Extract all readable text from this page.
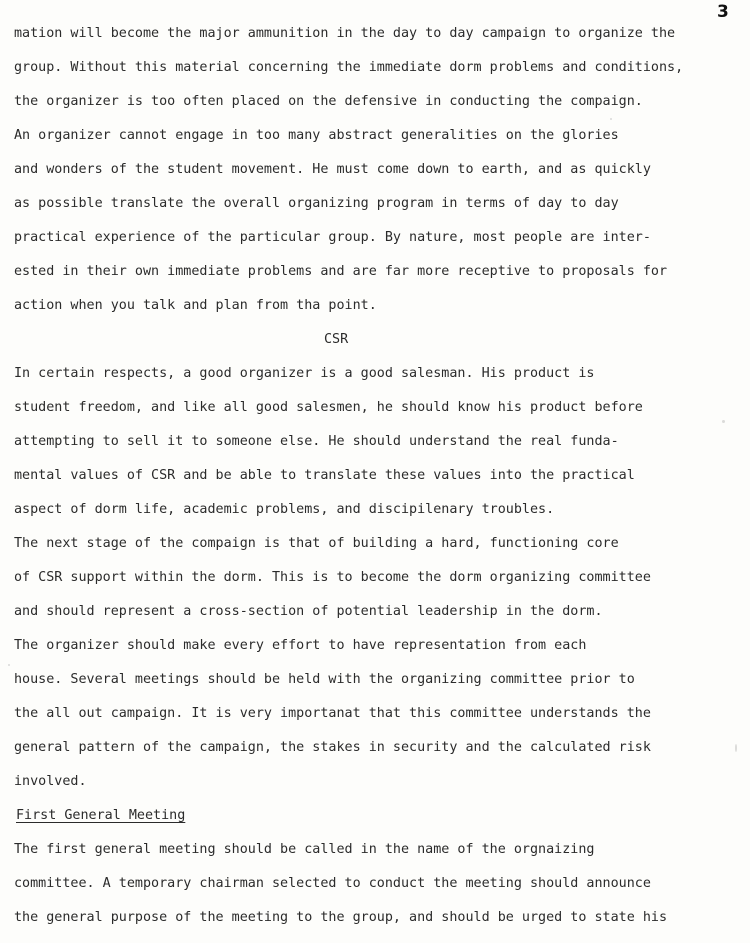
3
mation will become the major ammunition in the day to day campaign to organize the
group. Without this material concerning the immediate dorm problems and conditions,
the organizer is too often placed on the defensive in conducting the compaign.
An organizer cannot engage in too many abstract generalities on the glories
and wonders of the student movement. He must come down to earth, and as quickly
as possible translate the overall organizing program in terms of day to day
practical experience of the particular group. By nature, most people are inter-
ested in their own immediate problems and are far more receptive to proposals for
action when you talk and plan from tha point.
CSR
In certain respects, a good organizer is a good salesman. His product is
student freedom, and like all good salesmen, he should know his product before
attempting to sell it to someone else. He should understand the real funda-
mental values of CSR and be able to translate these values into the practical
aspect of dorm life, academic problems, and discipilenary troubles.
The next stage of the compaign is that of building a hard, functioning core
of CSR support within the dorm. This is to become the dorm organizing committee
and should represent a cross-section of potential leadership in the dorm.
The organizer should make every effort to have representation from each
house. Several meetings should be held with the organizing committee prior to
the all out campaign. It is very importanat that this committee understands the
general pattern of the campaign, the stakes in security and the calculated risk
involved.
First General Meeting
The first general meeting should be called in the name of the orgnaizing
committee. A temporary chairman selected to conduct the meeting should announce
the general purpose of the meeting to the group, and should be urged to state his
